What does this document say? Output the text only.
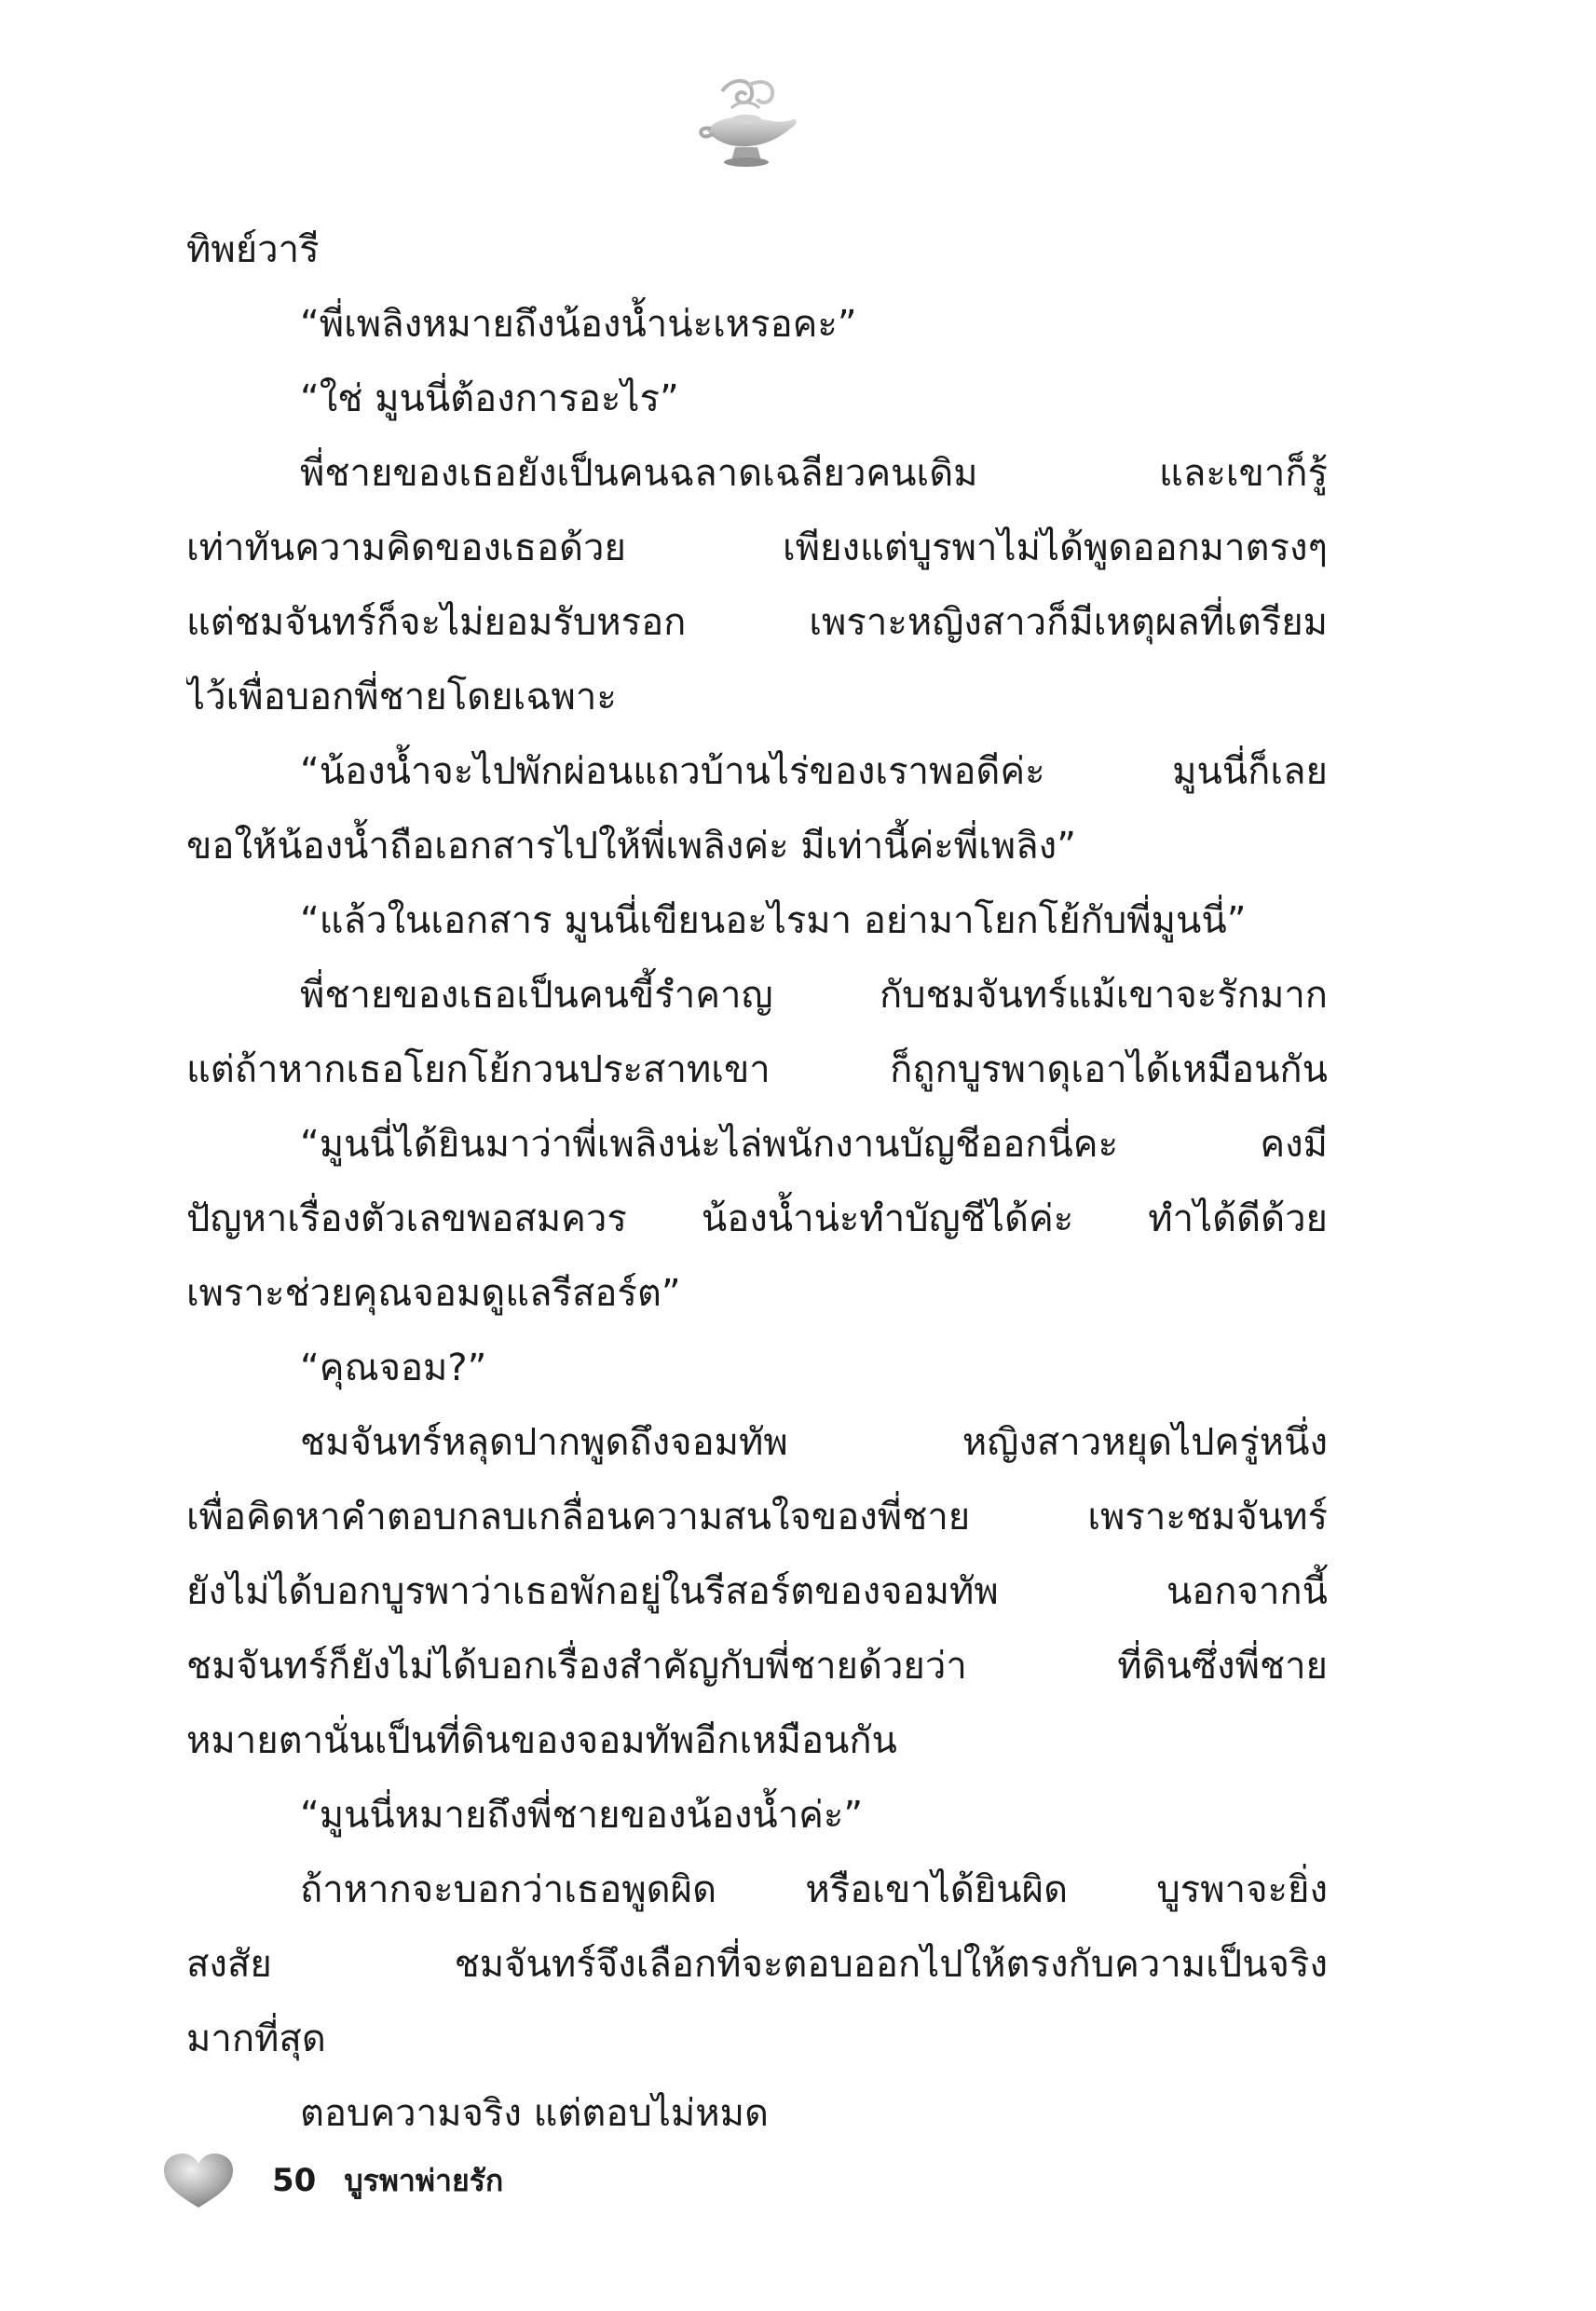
ทิพย์วารี
“พี่เพลิงหมายถึงน้องน้ำน่ะเหรอคะ”
“ใช่ มูนนี่ต้องการอะไร”
พี่ชายของเธอยังเป็นคนฉลาดเฉลียวคนเดิม และเขาก็รู้
เท่าทันความคิดของเธอด้วย เพียงแต่บูรพาไม่ได้พูดออกมาตรงๆ
แต่ชมจันทร์ก็จะไม่ยอมรับหรอก เพราะหญิงสาวก็มีเหตุผลที่เตรียม
ไว้เพื่อบอกพี่ชายโดยเฉพาะ
“น้องน้ำจะไปพักผ่อนแถวบ้านไร่ของเราพอดีค่ะ มูนนี่ก็เลย
ขอให้น้องน้ำถือเอกสารไปให้พี่เพลิงค่ะ มีเท่านี้ค่ะพี่เพลิง”
“แล้วในเอกสาร มูนนี่เขียนอะไรมา อย่ามาโยกโย้กับพี่มูนนี่”
พี่ชายของเธอเป็นคนขี้รำคาญ กับชมจันทร์แม้เขาจะรักมาก
แต่ถ้าหากเธอโยกโย้กวนประสาทเขา ก็ถูกบูรพาดุเอาได้เหมือนกัน
“มูนนี่ได้ยินมาว่าพี่เพลิงน่ะไล่พนักงานบัญชีออกนี่คะ คงมี
ปัญหาเรื่องตัวเลขพอสมควร น้องน้ำน่ะทำบัญชีได้ค่ะ ทำได้ดีด้วย
เพราะช่วยคุณจอมดูแลรีสอร์ต”
“คุณจอม?”
ชมจันทร์หลุดปากพูดถึงจอมทัพ หญิงสาวหยุดไปครู่หนึ่ง
เพื่อคิดหาคำตอบกลบเกลื่อนความสนใจของพี่ชาย เพราะชมจันทร์
ยังไม่ได้บอกบูรพาว่าเธอพักอยู่ในรีสอร์ตของจอมทัพ นอกจากนี้
ชมจันทร์ก็ยังไม่ได้บอกเรื่องสำคัญกับพี่ชายด้วยว่า ที่ดินซึ่งพี่ชาย
หมายตานั่นเป็นที่ดินของจอมทัพอีกเหมือนกัน
“มูนนี่หมายถึงพี่ชายของน้องน้ำค่ะ”
ถ้าหากจะบอกว่าเธอพูดผิด หรือเขาได้ยินผิด บูรพาจะยิ่ง
สงสัย ชมจันทร์จึงเลือกที่จะตอบออกไปให้ตรงกับความเป็นจริง
มากที่สุด
ตอบความจริง แต่ตอบไม่หมด
50 บูรพาพ่ายรัก
